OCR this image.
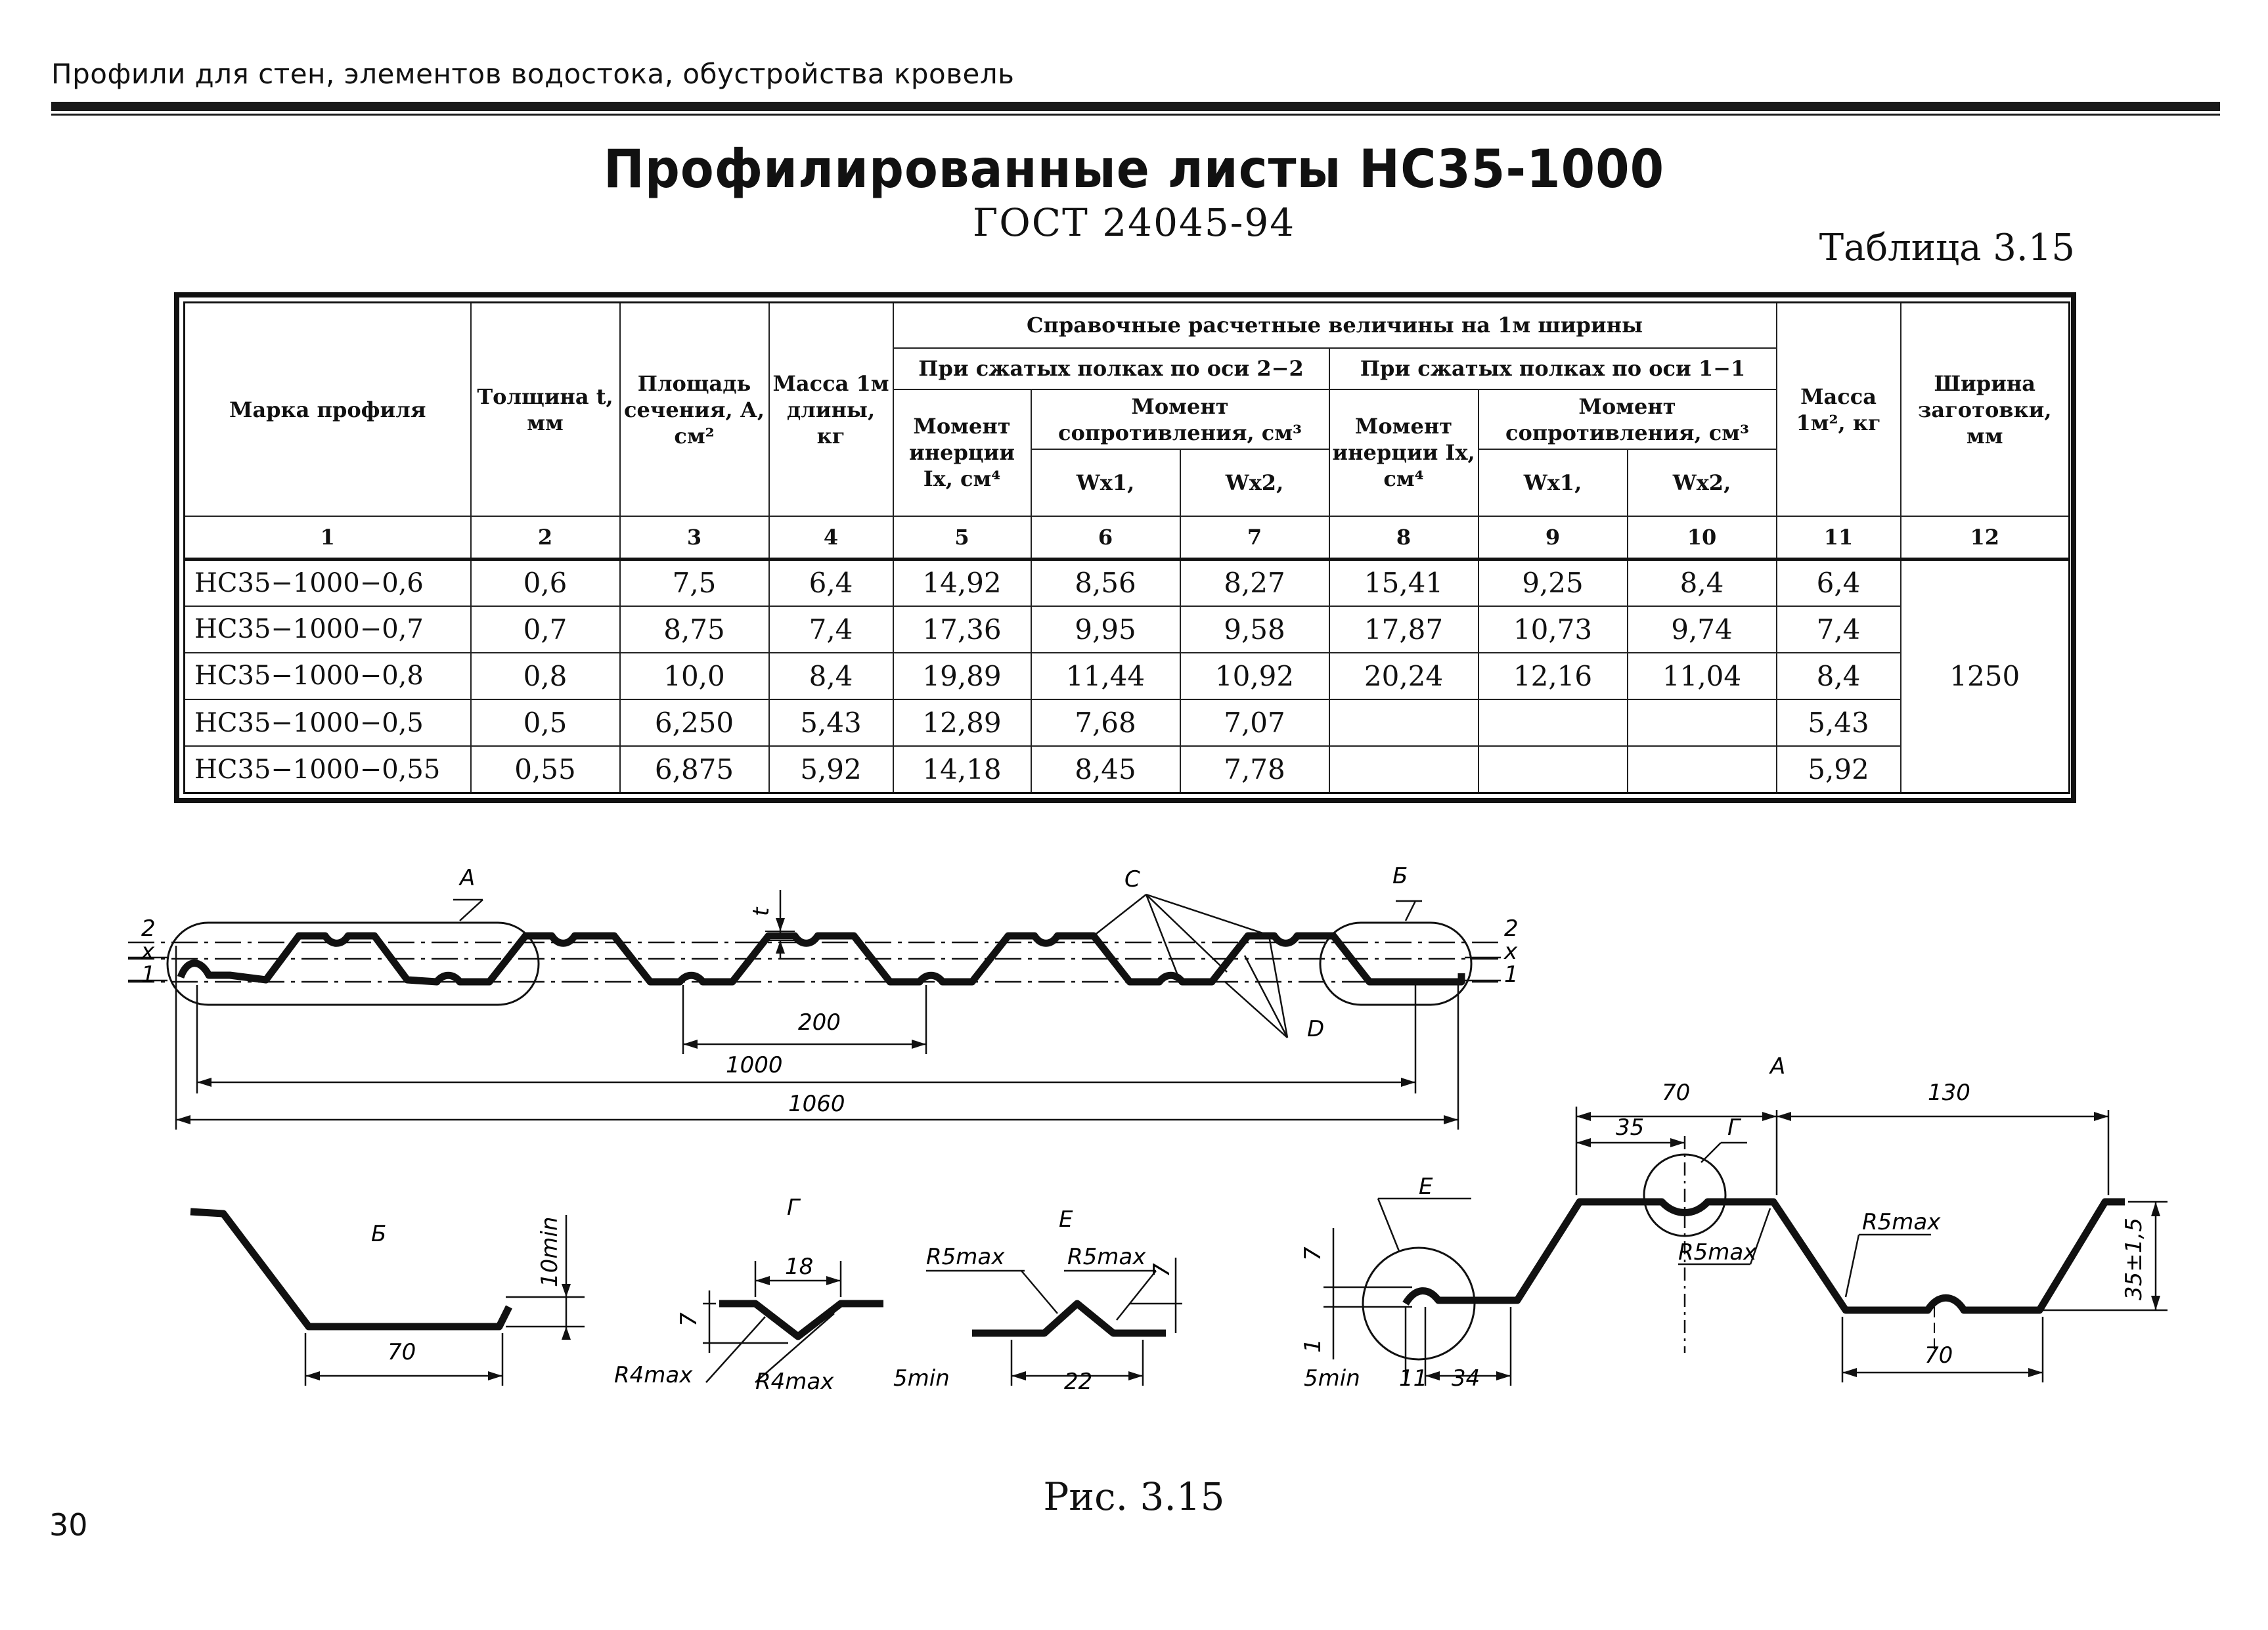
Профили для стен, элементов водостока, обустройства кровель
Профилированные листы НС35-1000
ГОСТ 24045-94
Таблица 3.15
Марка профиля	Толщина t, мм	Площадь сечения, А, см²	Масса 1м длины, кг	Справочные расчетные величины на 1м ширины						Масса 1м², кг	Ширина заготовки, мм
				При сжатых полках по оси 2−2			При сжатых полках по оси 1−1				
				Момент инерции Ix, см⁴	Момент сопротивления, см³		Момент инерции Ix, см⁴	Момент сопротивления, см³			
					Wx1,	Wx2,		Wx1,	Wx2,		
1	2	3	4	5	6	7	8	9	10	11	12
НС35−1000−0,6	0,6	7,5	6,4	14,92	8,56	8,27	15,41	9,25	8,4	6,4	1250
НС35−1000−0,7	0,7	8,75	7,4	17,36	9,95	9,58	17,87	10,73	9,74	7,4	
НС35−1000−0,8	0,8	10,0	8,4	19,89	11,44	10,92	20,24	12,16	11,04	8,4	
НС35−1000−0,5	0,5	6,250	5,43	12,89	7,68	7,07				5,43	
НС35−1000−0,55	0,55	6,875	5,92	14,18	8,45	7,78				5,92	
А	С	Б
D
t
2
x
1
2
x
1
200
1000
1060
Б
70
10min
Г
18
7
R4max	R4max
Е
R5max	R5max
7
22
5min
А
70	130
35	Г
Е
R5max
R5max
70
35±1,5
7
1
5min 11 34
Рис. 3.15
30
